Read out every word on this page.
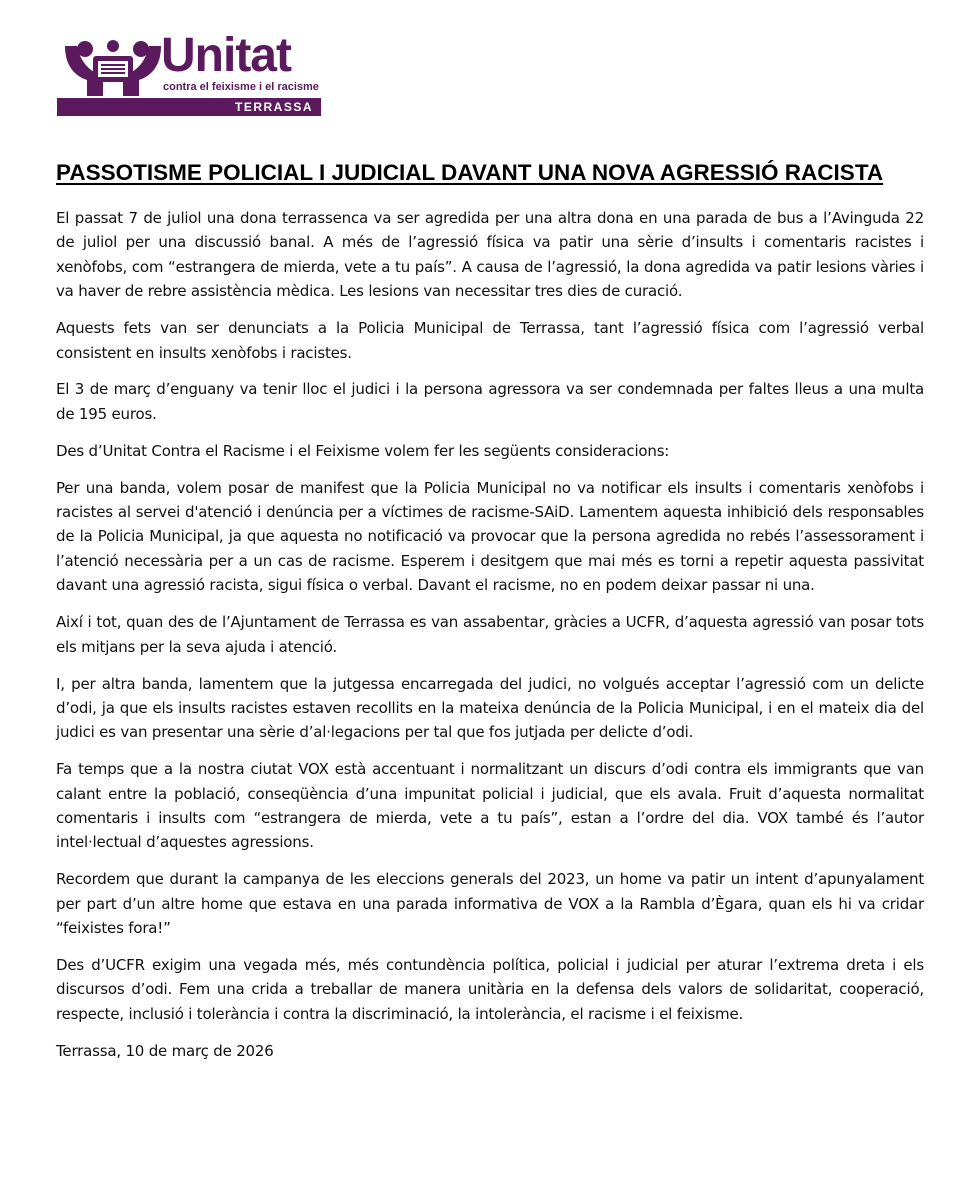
Unitat
contra el feixisme i el racisme
TERRASSA
PASSOTISME POLICIAL I JUDICIAL DAVANT UNA NOVA AGRESSIÓ RACISTA

El passat 7 de juliol una dona terrassenca va ser agredida per una altra dona en una parada de bus a l’Avinguda 22 de juliol per una discussió banal. A més de l’agressió física va patir una sèrie d’insults i comentaris racistes i xenòfobs, com “estrangera de mierda, vete a tu país”. A causa de l’agressió, la dona agredida va patir lesions vàries i va haver de rebre assistència mèdica. Les lesions van necessitar tres dies de curació.

Aquests fets van ser denunciats a la Policia Municipal de Terrassa, tant l’agressió física com l’agressió verbal consistent en insults xenòfobs i racistes.

El 3 de març d’enguany va tenir lloc el judici i la persona agressora va ser condemnada per faltes lleus a una multa de 195 euros.

Des d’Unitat Contra el Racisme i el Feixisme volem fer les següents consideracions:

Per una banda, volem posar de manifest que la Policia Municipal no va notificar els insults i comentaris xenòfobs i racistes al servei d'atenció i denúncia per a víctimes de racisme-SAiD. Lamentem aquesta inhibició dels responsables de la Policia Municipal, ja que aquesta no notificació va provocar que la persona agredida no rebés l’assessorament i l’atenció necessària per a un cas de racisme. Esperem i desitgem que mai més es torni a repetir aquesta passivitat davant una agressió racista, sigui física o verbal. Davant el racisme, no en podem deixar passar ni una.

Així i tot, quan des de l’Ajuntament de Terrassa es van assabentar, gràcies a UCFR, d’aquesta agressió van posar tots els mitjans per la seva ajuda i atenció.

I, per altra banda, lamentem que la jutgessa encarregada del judici, no volgués acceptar l’agressió com un delicte d’odi, ja que els insults racistes estaven recollits en la mateixa denúncia de la Policia Municipal, i en el mateix dia del judici es van presentar una sèrie d’al·legacions per tal que fos jutjada per delicte d’odi.

Fa temps que a la nostra ciutat VOX està accentuant i normalitzant un discurs d’odi contra els immigrants que van calant entre la població, conseqüència d’una impunitat policial i judicial, que els avala. Fruit d’aquesta normalitat comentaris i insults com “estrangera de mierda, vete a tu país”, estan a l’ordre del dia. VOX també és l’autor intel·lectual d’aquestes agressions.

Recordem que durant la campanya de les eleccions generals del 2023, un home va patir un intent d’apunyalament per part d’un altre home que estava en una parada informativa de VOX a la Rambla d’Ègara, quan els hi va cridar “feixistes fora!”

Des d’UCFR exigim una vegada més, més contundència política, policial i judicial per aturar l’extrema dreta i els discursos d’odi. Fem una crida a treballar de manera unitària en la defensa dels valors de solidaritat, cooperació, respecte, inclusió i tolerància i contra la discriminació, la intolerància, el racisme i el feixisme.

Terrassa, 10 de març de 2026
